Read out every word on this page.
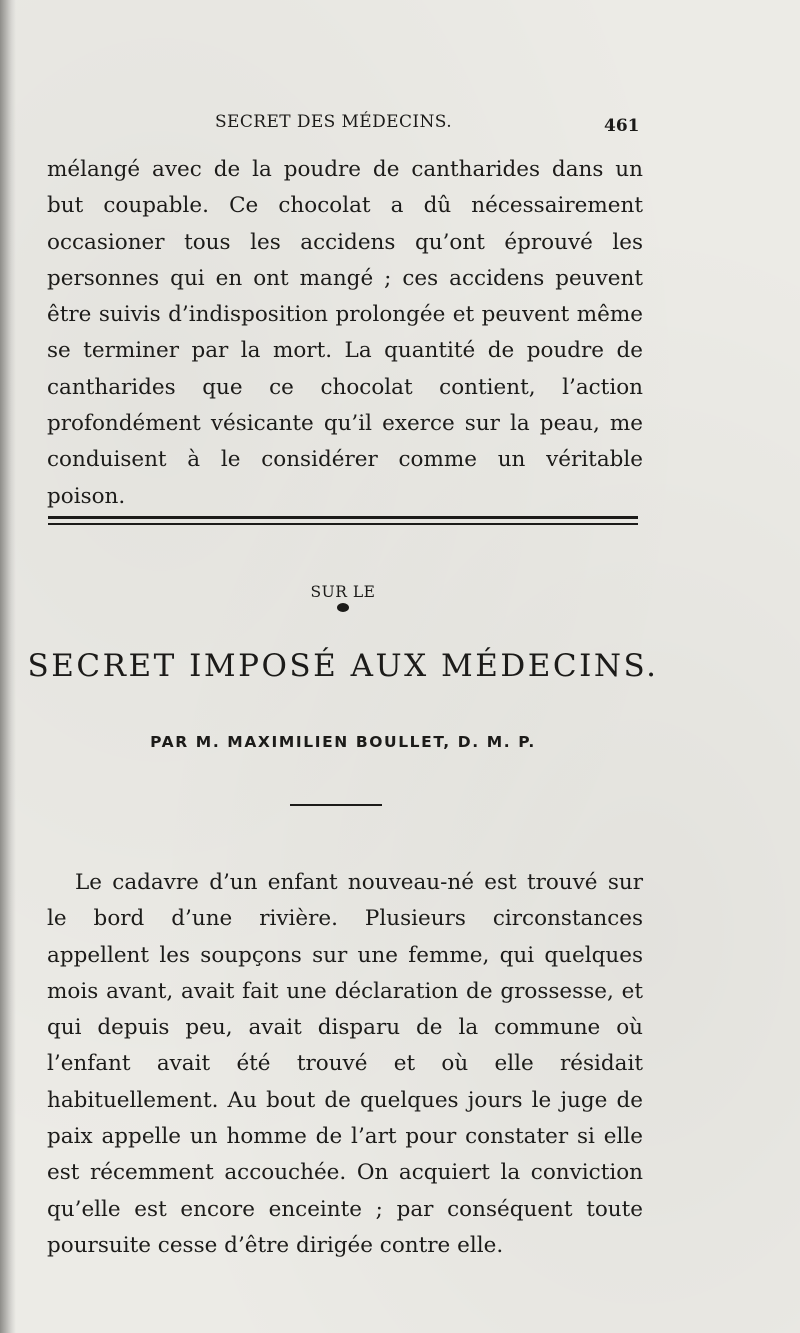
SECRET DES MÉDECINS.	461

mélangé avec de la poudre de cantharides dans un but coupable. Ce chocolat a dû nécessairement occasioner tous les accidens qu’ont éprouvé les personnes qui en ont mangé ; ces accidens peuvent être suivis d’indisposition prolongée et peuvent même se terminer par la mort. La quantité de poudre de cantharides que ce chocolat contient, l’action profondément vésicante qu’il exerce sur la peau, me conduisent à le considérer comme un véritable poison.

SUR LE
SECRET IMPOSÉ AUX MÉDECINS.
PAR M. MAXIMILIEN BOULLET, D. M. P.

Le cadavre d’un enfant nouveau-né est trouvé sur le bord d’une rivière. Plusieurs circonstances appellent les soupçons sur une femme, qui quelques mois avant, avait fait une déclaration de grossesse, et qui depuis peu, avait disparu de la commune où l’enfant avait été trouvé et où elle résidait habituellement. Au bout de quelques jours le juge de paix appelle un homme de l’art pour constater si elle est récemment accouchée. On acquiert la conviction qu’elle est encore enceinte ; par conséquent toute poursuite cesse d’être dirigée contre elle.
